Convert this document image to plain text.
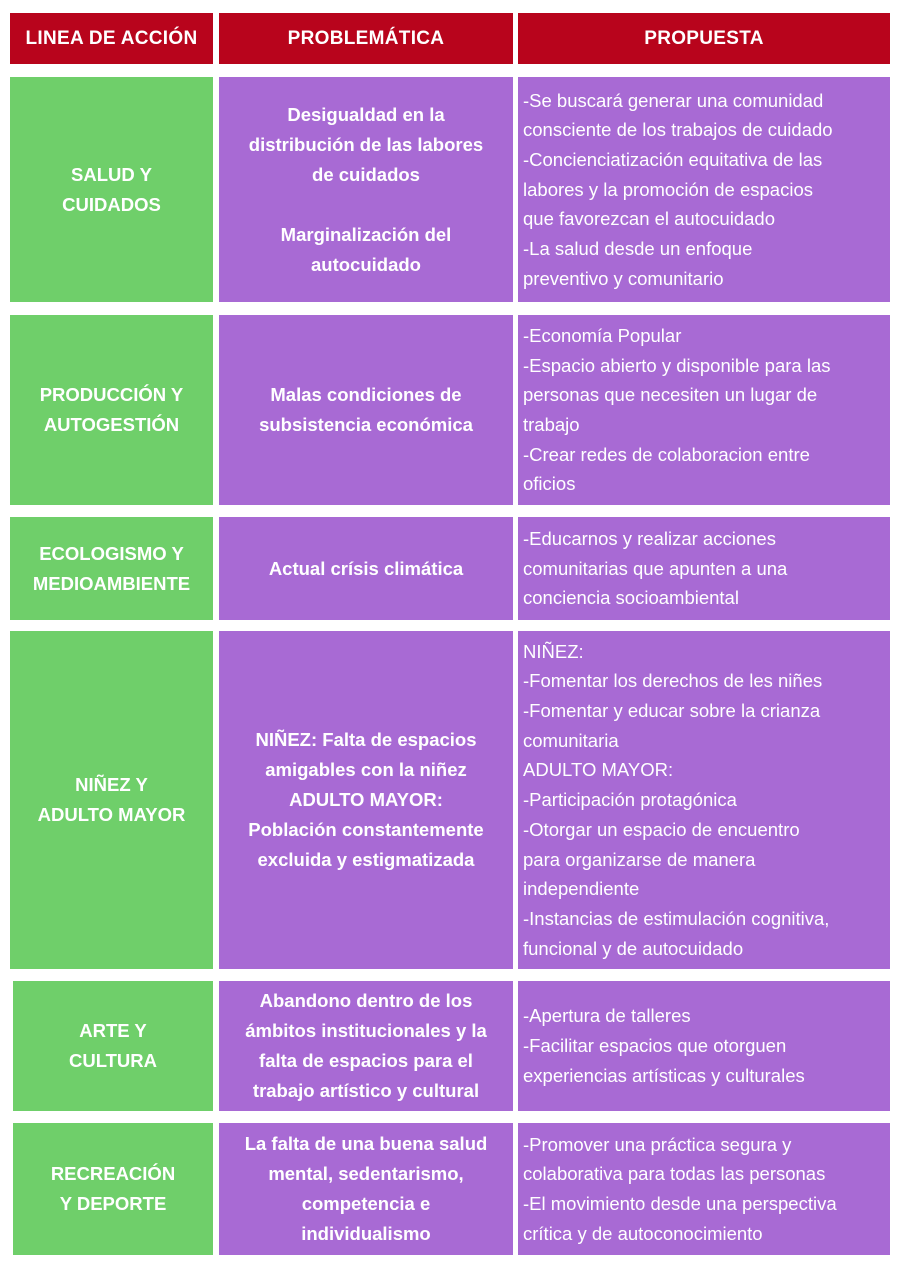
LINEA DE ACCIÓN	PROBLEMÁTICA	PROPUESTA
SALUD Y
CUIDADOS
Desigualdad en la
distribución de las labores
de cuidados
Marginalización del
autocuidado
-Se buscará generar una comunidad
consciente de los trabajos de cuidado
-Concienciatización equitativa de las
labores y la promoción de espacios
que favorezcan el autocuidado
-La salud desde un enfoque
preventivo y comunitario
PRODUCCIÓN Y
AUTOGESTIÓN
Malas condiciones de
subsistencia económica
-Economía Popular
-Espacio abierto y disponible para las
personas que necesiten un lugar de
trabajo
-Crear redes de colaboracion entre
oficios
ECOLOGISMO Y
MEDIOAMBIENTE
Actual crísis climática
-Educarnos y realizar acciones
comunitarias que apunten a una
conciencia socioambiental
NIÑEZ Y
ADULTO MAYOR
NIÑEZ: Falta de espacios
amigables con la niñez
ADULTO MAYOR:
Población constantemente
excluida y estigmatizada
NIÑEZ:
-Fomentar los derechos de les niñes
-Fomentar y educar sobre la crianza
comunitaria
ADULTO MAYOR:
-Participación protagónica
-Otorgar un espacio de encuentro
para organizarse de manera
independiente
-Instancias de estimulación cognitiva,
funcional y de autocuidado
ARTE Y
CULTURA
Abandono dentro de los
ámbitos institucionales y la
falta de espacios para el
trabajo artístico y cultural
-Apertura de talleres
-Facilitar espacios que otorguen
experiencias artísticas y culturales
RECREACIÓN
Y DEPORTE
La falta de una buena salud
mental, sedentarismo,
competencia e
individualismo
-Promover una práctica segura y
colaborativa para todas las personas
-El movimiento desde una perspectiva
crítica y de autoconocimiento
